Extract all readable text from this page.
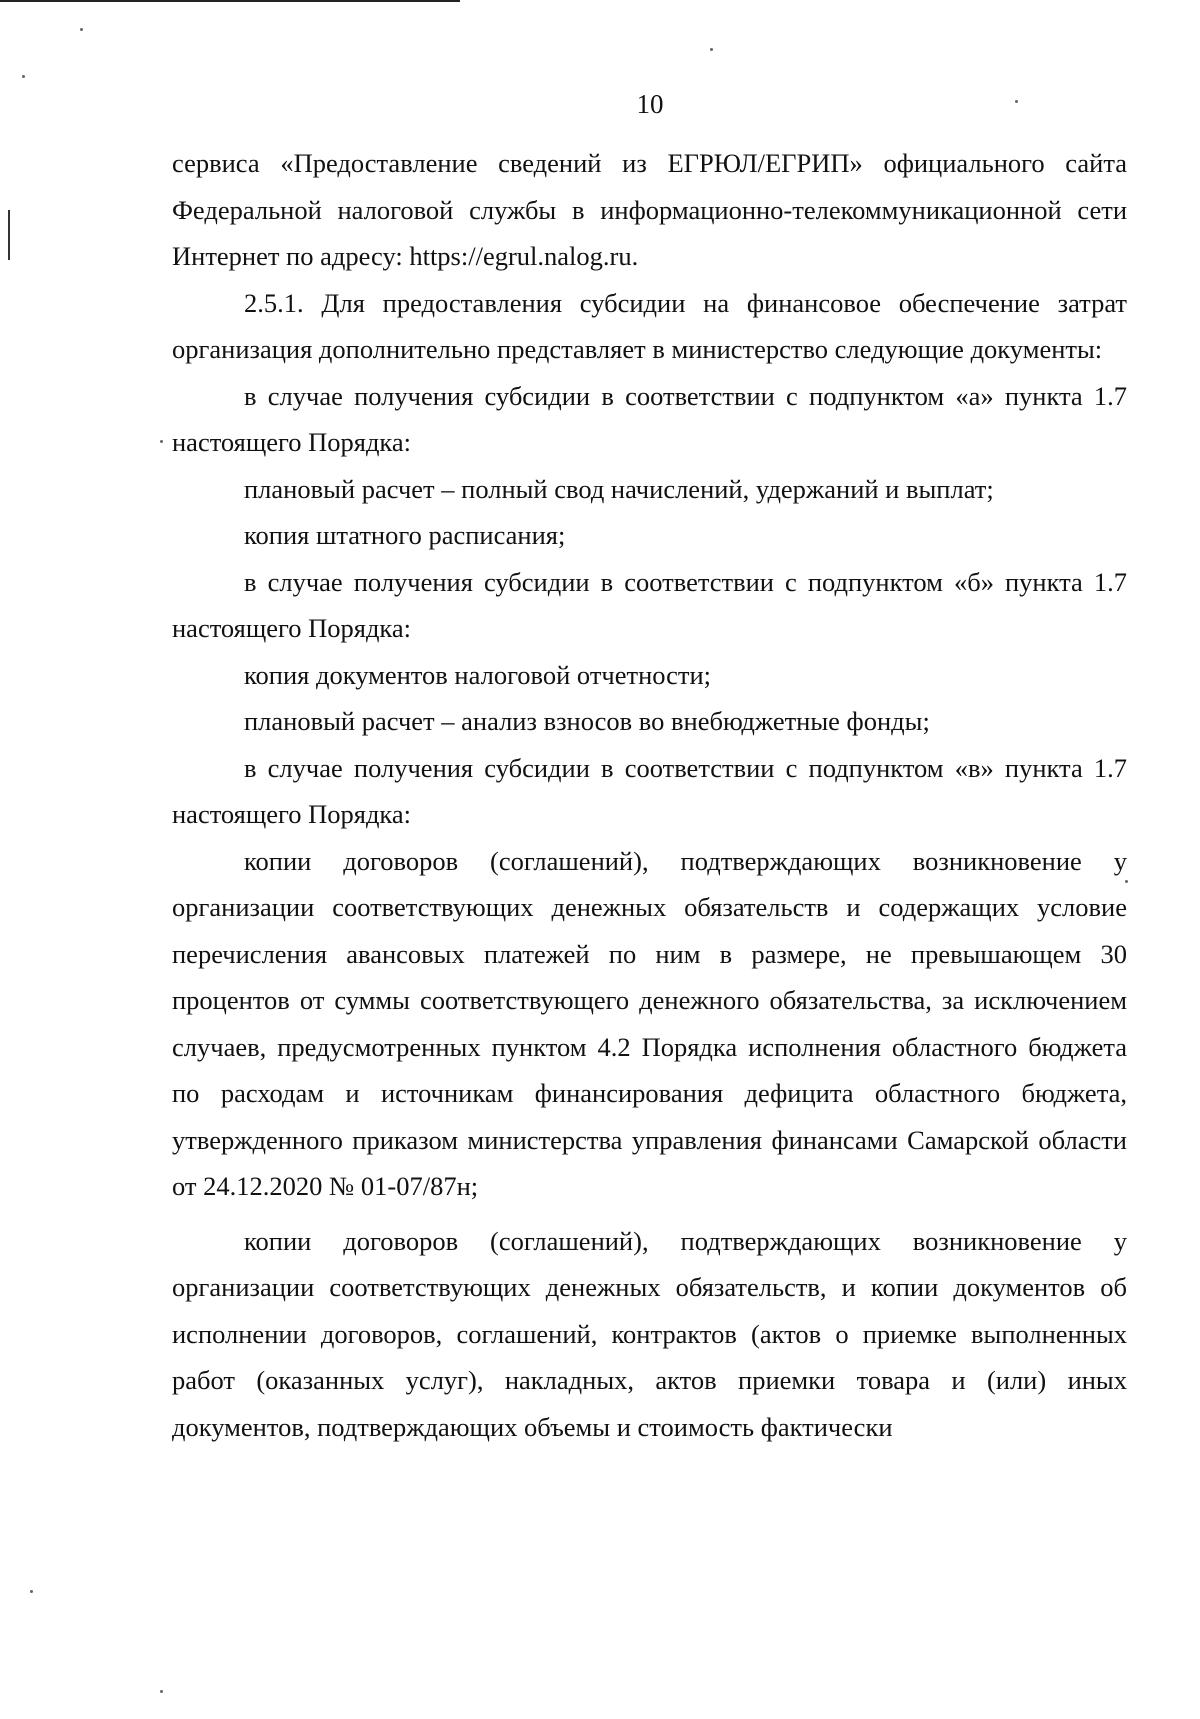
10

сервиса «Предоставление сведений из ЕГРЮЛ/ЕГРИП» официального сайта Федеральной налоговой службы в информационно-телекоммуникационной сети Интернет по адресу: https://egrul.nalog.ru.

2.5.1. Для предоставления субсидии на финансовое обеспечение затрат организация дополнительно представляет в министерство следующие документы:

в случае получения субсидии в соответствии с подпунктом «а» пункта 1.7 настоящего Порядка:

плановый расчет – полный свод начислений, удержаний и выплат;

копия штатного расписания;

в случае получения субсидии в соответствии с подпунктом «б» пункта 1.7 настоящего Порядка:

копия документов налоговой отчетности;

плановый расчет – анализ взносов во внебюджетные фонды;

в случае получения субсидии в соответствии с подпунктом «в» пункта 1.7 настоящего Порядка:

копии договоров (соглашений), подтверждающих возникновение у организации соответствующих денежных обязательств и содержащих условие перечисления авансовых платежей по ним в размере, не превышающем 30 процентов от суммы соответствующего денежного обязательства, за исключением случаев, предусмотренных пунктом 4.2 Порядка исполнения областного бюджета по расходам и источникам финансирования дефицита областного бюджета, утвержденного приказом министерства управления финансами Самарской области от 24.12.2020 № 01-07/87н;

копии договоров (соглашений), подтверждающих возникновение у организации соответствующих денежных обязательств, и копии документов об исполнении договоров, соглашений, контрактов (актов о приемке выполненных работ (оказанных услуг), накладных, актов приемки товара и (или) иных документов, подтверждающих объемы и стоимость фактически
